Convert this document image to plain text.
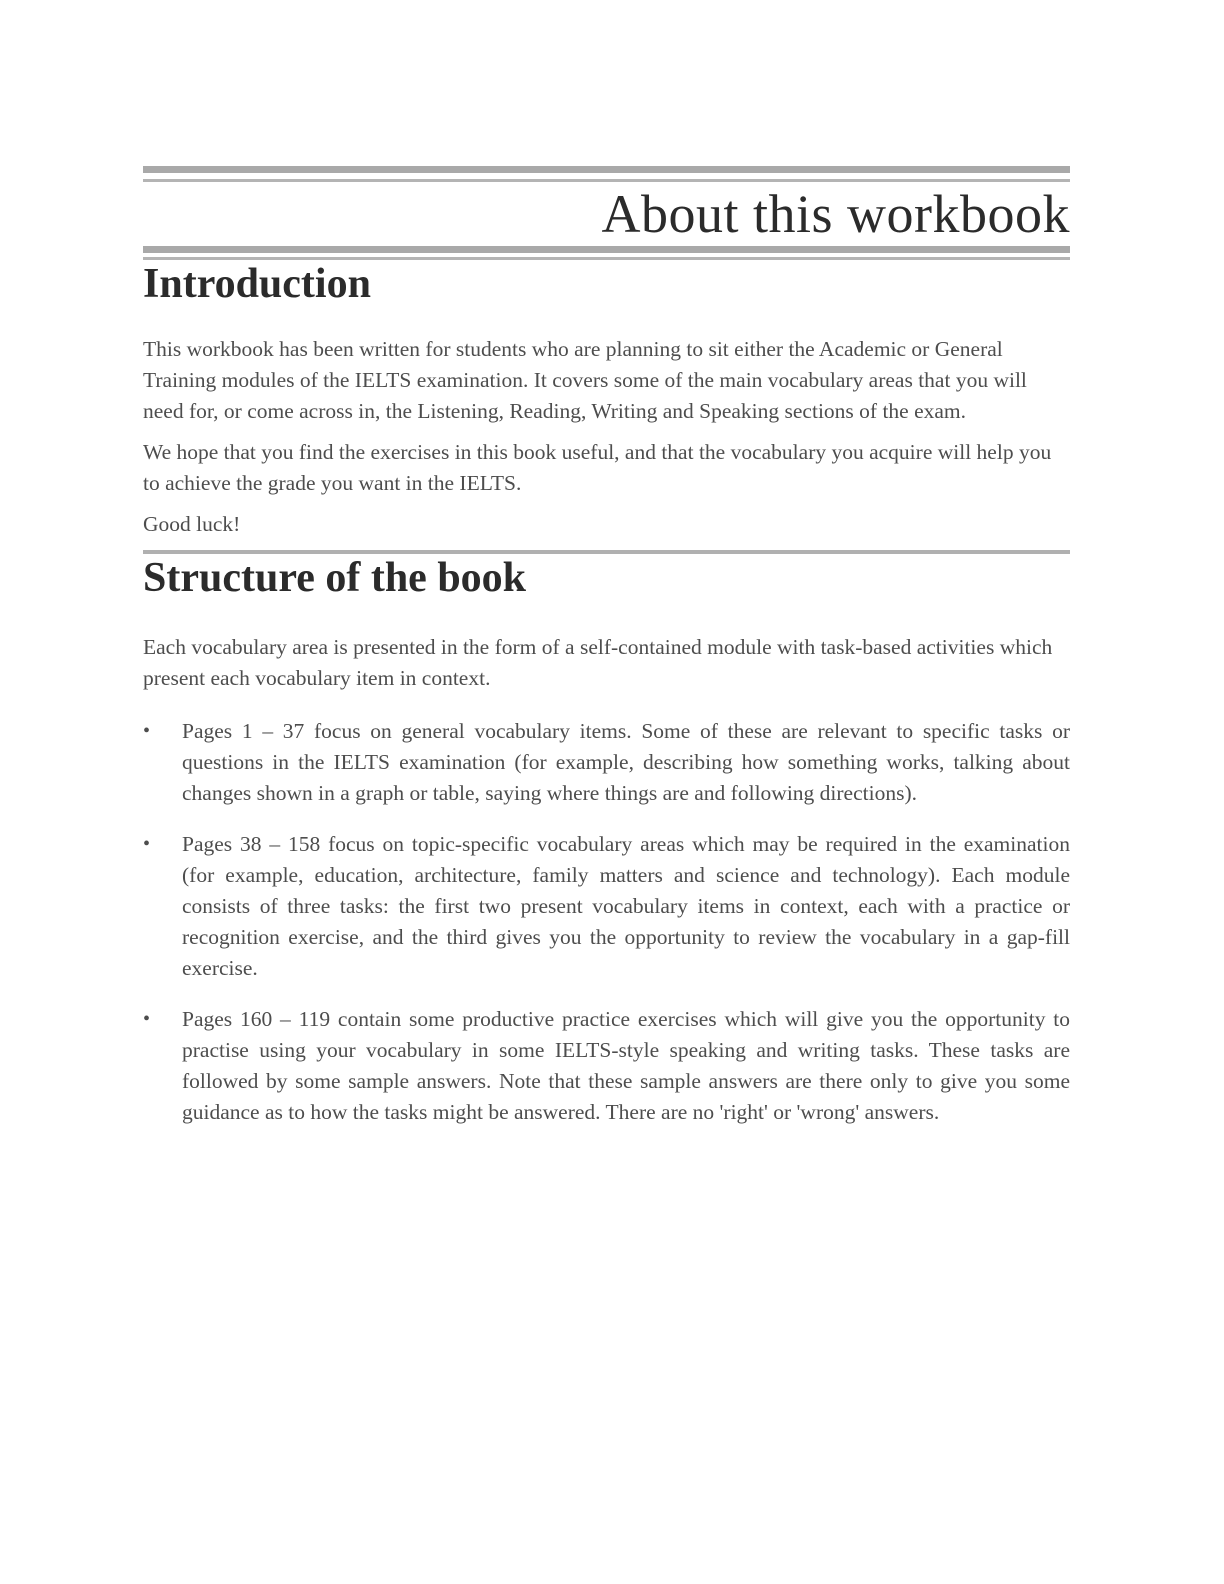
About this workbook
Introduction

This workbook has been written for students who are planning to sit either the Academic or General Training modules of the IELTS examination. It covers some of the main vocabulary areas that you will need for, or come across in, the Listening, Reading, Writing and Speaking sections of the exam.

We hope that you find the exercises in this book useful, and that the vocabulary you acquire will help you to achieve the grade you want in the IELTS.

Good luck!

Structure of the book

Each vocabulary area is presented in the form of a self-contained module with task-based activities which present each vocabulary item in context.

•	Pages 1 – 37 focus on general vocabulary items. Some of these are relevant to specific tasks or questions in the IELTS examination (for example, describing how something works, talking about changes shown in a graph or table, saying where things are and following directions).
•	Pages 38 – 158 focus on topic-specific vocabulary areas which may be required in the examination (for example, education, architecture, family matters and science and technology). Each module consists of three tasks: the first two present vocabulary items in context, each with a practice or recognition exercise, and the third gives you the opportunity to review the vocabulary in a gap-fill exercise.
•	Pages 160 – 119 contain some productive practice exercises which will give you the opportunity to practise using your vocabulary in some IELTS-style speaking and writing tasks. These tasks are followed by some sample answers. Note that these sample answers are there only to give you some guidance as to how the tasks might be answered. There are no 'right' or 'wrong' answers.
